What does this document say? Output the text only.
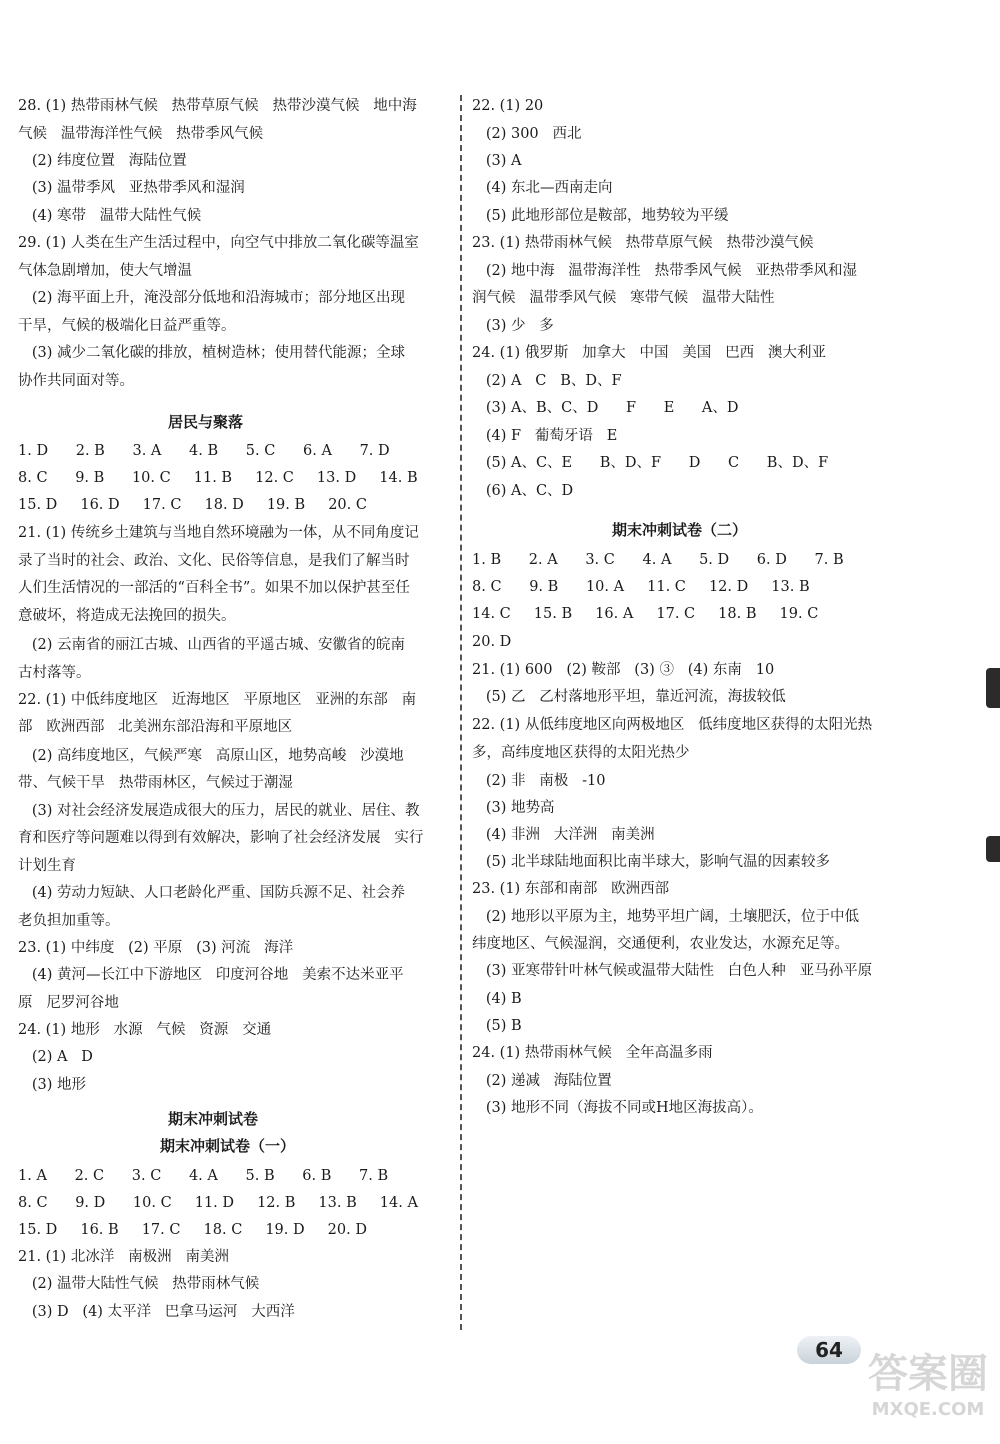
28. (1) 热带雨林气候   热带草原气候   热带沙漠气候   地中海
气候   温带海洋性气候   热带季风气候
(2) 纬度位置   海陆位置
(3) 温带季风   亚热带季风和湿润
(4) 寒带   温带大陆性气候
29. (1) 人类在生产生活过程中，向空气中排放二氧化碳等温室
气体急剧增加，使大气增温
(2) 海平面上升，淹没部分低地和沿海城市；部分地区出现
干旱，气候的极端化日益严重等。
(3) 减少二氧化碳的排放，植树造林；使用替代能源；全球
协作共同面对等。
居民与聚落
1. D      2. B      3. A      4. B      5. C      6. A      7. D
8. C      9. B      10. C     11. B     12. C     13. D     14. B
15. D     16. D     17. C     18. D     19. B     20. C
21. (1) 传统乡土建筑与当地自然环境融为一体，从不同角度记
录了当时的社会、政治、文化、民俗等信息，是我们了解当时
人们生活情况的一部活的“百科全书”。如果不加以保护甚至任
意破坏，将造成无法挽回的损失。
(2) 云南省的丽江古城、山西省的平遥古城、安徽省的皖南
古村落等。
22. (1) 中低纬度地区   近海地区   平原地区   亚洲的东部   南
部   欧洲西部   北美洲东部沿海和平原地区
(2) 高纬度地区，气候严寒   高原山区，地势高峻   沙漠地
带、气候干旱   热带雨林区，气候过于潮湿
(3) 对社会经济发展造成很大的压力，居民的就业、居住、教
育和医疗等问题难以得到有效解决，影响了社会经济发展   实行
计划生育
(4) 劳动力短缺、人口老龄化严重、国防兵源不足、社会养
老负担加重等。
23. (1) 中纬度   (2) 平原   (3) 河流   海洋
(4) 黄河—长江中下游地区   印度河谷地   美索不达米亚平
原   尼罗河谷地
24. (1) 地形   水源   气候   资源   交通
(2) A   D
(3) 地形
期末冲刺试卷
期末冲刺试卷（一）
1. A      2. C      3. C      4. A      5. B      6. B      7. B
8. C      9. D      10. C     11. D     12. B     13. B     14. A
15. D     16. B     17. C     18. C     19. D     20. D
21. (1) 北冰洋   南极洲   南美洲
(2) 温带大陆性气候   热带雨林气候
(3) D   (4) 太平洋   巴拿马运河   大西洋
22. (1) 20
(2) 300   西北
(3) A
(4) 东北—西南走向
(5) 此地形部位是鞍部，地势较为平缓
23. (1) 热带雨林气候   热带草原气候   热带沙漠气候
(2) 地中海   温带海洋性   热带季风气候   亚热带季风和湿
润气候   温带季风气候   寒带气候   温带大陆性
(3) 少   多
24. (1) 俄罗斯   加拿大   中国   美国   巴西   澳大利亚
(2) A   C   B、D、F
(3) A、B、C、D      F      E      A、D
(4) F   葡萄牙语   E
(5) A、C、E      B、D、F      D      C      B、D、F
(6) A、C、D
期末冲刺试卷（二）
1. B      2. A      3. C      4. A      5. D      6. D      7. B
8. C      9. B      10. A     11. C     12. D     13. B
14. C     15. B     16. A     17. C     18. B     19. C
20. D
21. (1) 600   (2) 鞍部   (3) ③   (4) 东南   10
(5) 乙   乙村落地形平坦，靠近河流，海拔较低
22. (1) 从低纬度地区向两极地区   低纬度地区获得的太阳光热
多，高纬度地区获得的太阳光热少
(2) 非   南极   -10
(3) 地势高
(4) 非洲   大洋洲   南美洲
(5) 北半球陆地面积比南半球大，影响气温的因素较多
23. (1) 东部和南部   欧洲西部
(2) 地形以平原为主，地势平坦广阔，土壤肥沃，位于中低
纬度地区、气候湿润，交通便利，农业发达，水源充足等。
(3) 亚寒带针叶林气候或温带大陆性   白色人种   亚马孙平原
(4) B
(5) B
24. (1) 热带雨林气候   全年高温多雨
(2) 递减   海陆位置
(3) 地形不同（海拔不同或H地区海拔高）。
64
答案圈
MXQE.COM
